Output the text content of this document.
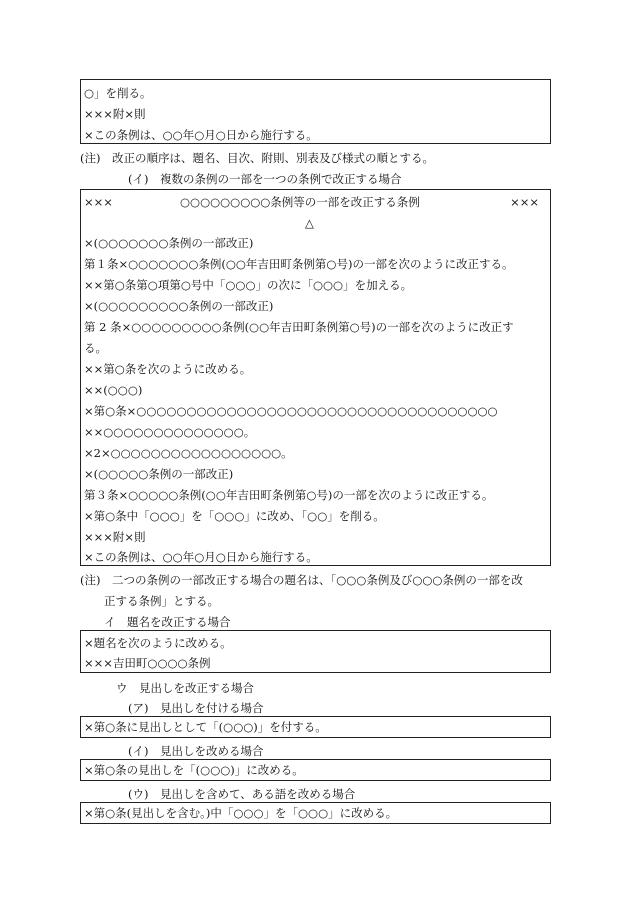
○」を削る。
×××附×則
×この条例は、○○年○月○日から施行する。
(注)　改正の順序は、題名、目次、附則、別表及び様式の順とする。
(イ)　複数の条例の一部を一つの条例で改正する場合
×××	○○○○○○○○○条例等の一部を改正する条例	×××
△
×(○○○○○○○条例の一部改正)
第１条×○○○○○○○条例(○○年吉田町条例第○号)の一部を次のように改正する。
××第○条第○項第○号中「○○○」の次に「○○○」を加える。
×(○○○○○○○○○条例の一部改正)
第 2 条×○○○○○○○○○条例(○○年吉田町条例第○号)の一部を次のように改正す
る。
××第○条を次のように改める。
××(○○○)
×第○条×○○○○○○○○○○○○○○○○○○○○○○○○○○○○○○○○○○○○
××○○○○○○○○○○○○○○。
×2×○○○○○○○○○○○○○○○○○。
×(○○○○○条例の一部改正)
第３条×○○○○○条例(○○年吉田町条例第○号)の一部を次のように改正する。
×第○条中「○○○」を「○○○」に改め、「○○」を削る。
×××附×則
×この条例は、○○年○月○日から施行する。
(注)　二つの条例の一部改正する場合の題名は、「○○○条例及び○○○条例の一部を改
正する条例」とする。
イ　題名を改正する場合
×題名を次のように改める。
×××吉田町○○○○条例
ウ　見出しを改正する場合
(ア)　見出しを付ける場合
×第○条に見出しとして「(○○○)」を付する。
(イ)　見出しを改める場合
×第○条の見出しを「(○○○)」に改める。
(ウ)　見出しを含めて、ある語を改める場合
×第○条(見出しを含む。)中「○○○」を「○○○」に改める。
